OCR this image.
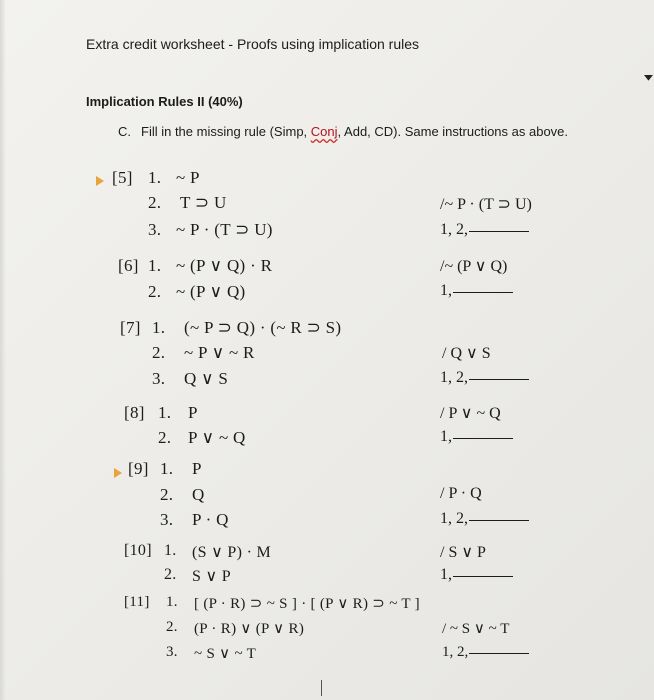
Extra credit worksheet - Proofs using implication rules
Implication Rules II (40%)
C. Fill in the missing rule (Simp, Conj, Add, CD). Same instructions as above.
[5] 1. ~ P
2. T ⊃ U	/~ P · (T ⊃ U)
3. ~ P · (T ⊃ U)	1, 2,
[6] 1. ~ (P ∨ Q) · R	/~ (P ∨ Q)
2. ~ (P ∨ Q)	1,
[7] 1. (~ P ⊃ Q) · (~ R ⊃ S)
2. ~ P ∨ ~ R	/ Q ∨ S
3. Q ∨ S	1, 2,
[8] 1. P	/ P ∨ ~ Q
2. P ∨ ~ Q	1,
[9] 1. P
2. Q	/ P · Q
3. P · Q	1, 2,
[10] 1. (S ∨ P) · M	/ S ∨ P
2. S ∨ P	1,
[11] 1. [ (P · R) ⊃ ~ S ] · [ (P ∨ R) ⊃ ~ T ]
2. (P · R) ∨ (P ∨ R)	/ ~ S ∨ ~ T
3. ~ S ∨ ~ T	1, 2,
🢓
